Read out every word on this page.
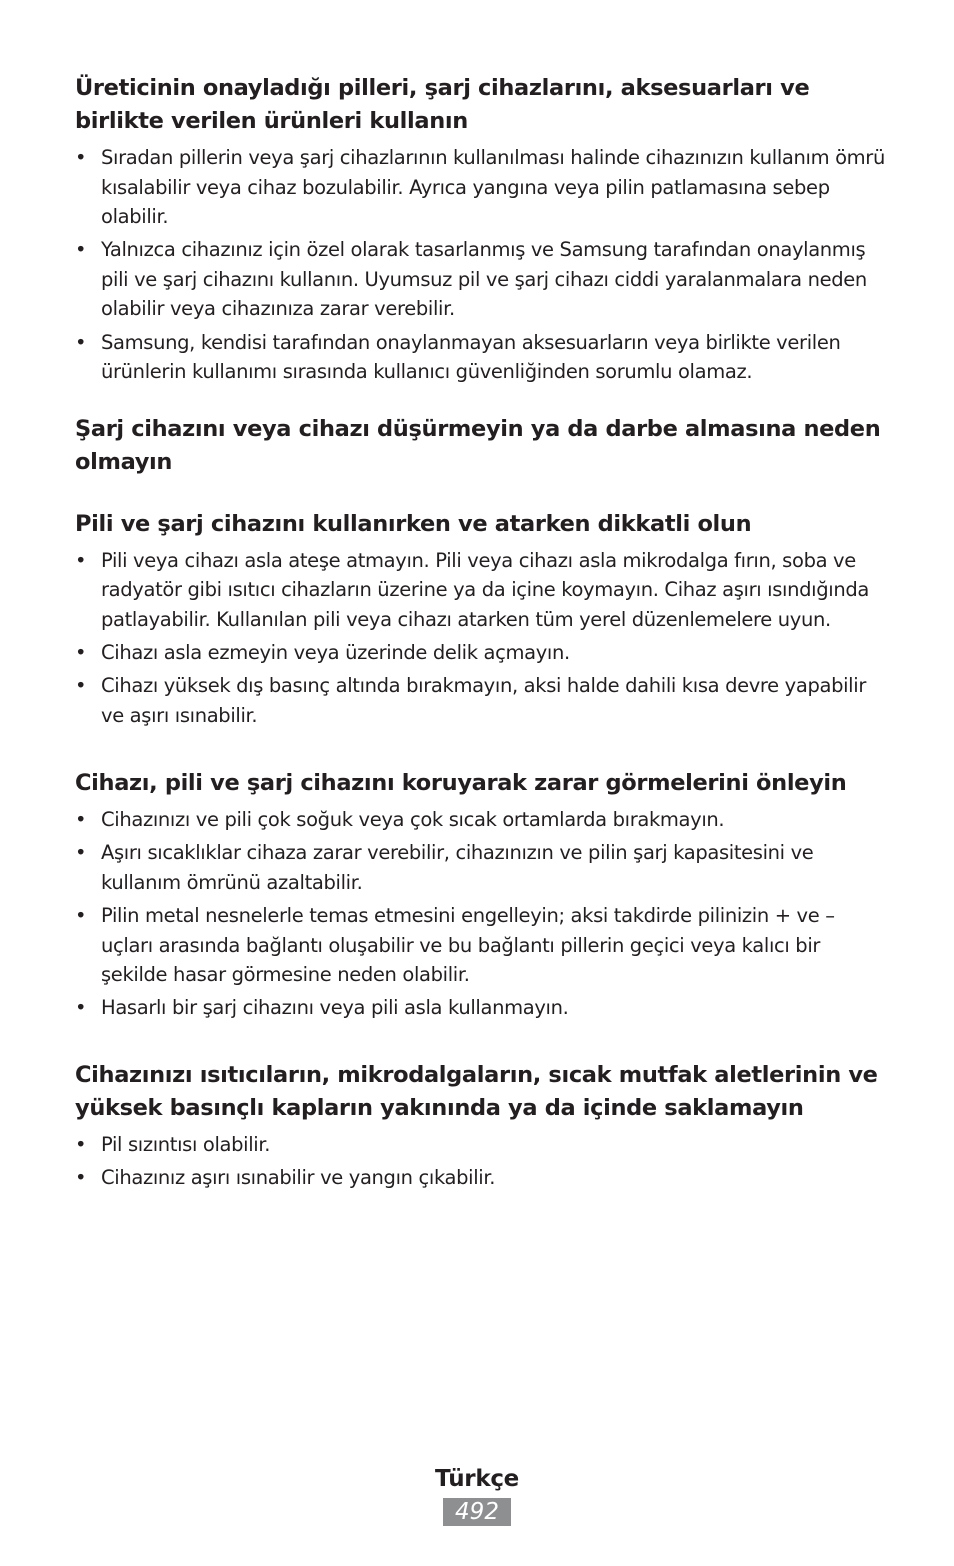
Üreticinin onayladığı pilleri, şarj cihazlarını, aksesuarları ve birlikte verilen ürünleri kullanın
• Sıradan pillerin veya şarj cihazlarının kullanılması halinde cihazınızın kullanım ömrü kısalabilir veya cihaz bozulabilir. Ayrıca yangına veya pilin patlamasına sebep olabilir.
• Yalnızca cihazınız için özel olarak tasarlanmış ve Samsung tarafından onaylanmış pili ve şarj cihazını kullanın. Uyumsuz pil ve şarj cihazı ciddi yaralanmalara neden olabilir veya cihazınıza zarar verebilir.
• Samsung, kendisi tarafından onaylanmayan aksesuarların veya birlikte verilen ürünlerin kullanımı sırasında kullanıcı güvenliğinden sorumlu olamaz.
Şarj cihazını veya cihazı düşürmeyin ya da darbe almasına neden olmayın
Pili ve şarj cihazını kullanırken ve atarken dikkatli olun
• Pili veya cihazı asla ateşe atmayın. Pili veya cihazı asla mikrodalga fırın, soba ve radyatör gibi ısıtıcı cihazların üzerine ya da içine koymayın. Cihaz aşırı ısındığında patlayabilir. Kullanılan pili veya cihazı atarken tüm yerel düzenlemelere uyun.
• Cihazı asla ezmeyin veya üzerinde delik açmayın.
• Cihazı yüksek dış basınç altında bırakmayın, aksi halde dahili kısa devre yapabilir ve aşırı ısınabilir.
Cihazı, pili ve şarj cihazını koruyarak zarar görmelerini önleyin
• Cihazınızı ve pili çok soğuk veya çok sıcak ortamlarda bırakmayın.
• Aşırı sıcaklıklar cihaza zarar verebilir, cihazınızın ve pilin şarj kapasitesini ve kullanım ömrünü azaltabilir.
• Pilin metal nesnelerle temas etmesini engelleyin; aksi takdirde pilinizin + ve – uçları arasında bağlantı oluşabilir ve bu bağlantı pillerin geçici veya kalıcı bir şekilde hasar görmesine neden olabilir.
• Hasarlı bir şarj cihazını veya pili asla kullanmayın.
Cihazınızı ısıtıcıların, mikrodalgaların, sıcak mutfak aletlerinin ve yüksek basınçlı kapların yakınında ya da içinde saklamayın
• Pil sızıntısı olabilir.
• Cihazınız aşırı ısınabilir ve yangın çıkabilir.
Türkçe
492
